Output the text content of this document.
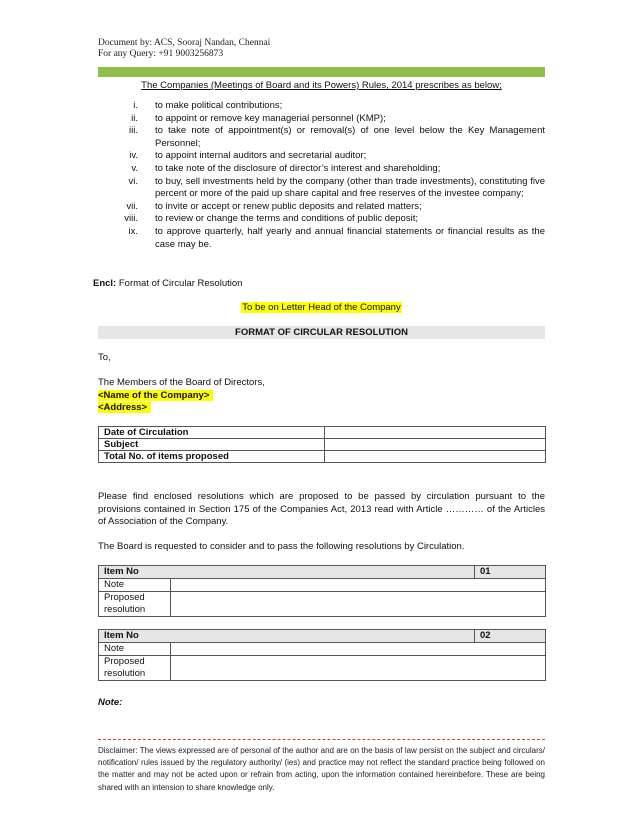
Document by: ACS, Sooraj Nandan, Chennai
For any Query: +91 9003256873
The Companies (Meetings of Board and its Powers) Rules, 2014 prescribes as below;
i.	to make political contributions;
ii.	to appoint or remove key managerial personnel (KMP);
iii.	to take note of appointment(s) or removal(s) of one level below the Key Management Personnel;
iv.	to appoint internal auditors and secretarial auditor;
v.	to take note of the disclosure of director’s interest and shareholding;
vi.	to buy, sell investments held by the company (other than trade investments), constituting five percent or more of the paid up share capital and free reserves of the investee company;
vii.	to invite or accept or renew public deposits and related matters;
viii.	to review or change the terms and conditions of public deposit;
ix.	to approve quarterly, half yearly and annual financial statements or financial results as the case may be.
Encl: Format of Circular Resolution
To be on Letter Head of the Company
FORMAT OF CIRCULAR RESOLUTION
To,
The Members of the Board of Directors,
<Name of the Company>
<Address>
Date of Circulation	
Subject	
Total No. of items proposed	
Please find enclosed resolutions which are proposed to be passed by circulation pursuant to the provisions contained in Section 175 of the Companies Act, 2013 read with Article ………… of the Articles of Association of the Company.
The Board is requested to consider and to pass the following resolutions by Circulation.
Item No		01
Note		
Proposed resolution		
Item No		02
Note		
Proposed resolution		
Note:
Disclaimer: The views expressed are of personal of the author and are on the basis of law persist on the subject and circulars/ notification/ rules issued by the regulatory authority/ (ies) and practice may not reflect the standard practice being followed on the matter and may not be acted upon or refrain from acting, upon the information contained hereinbefore. These are being shared with an intension to share knowledge only.
